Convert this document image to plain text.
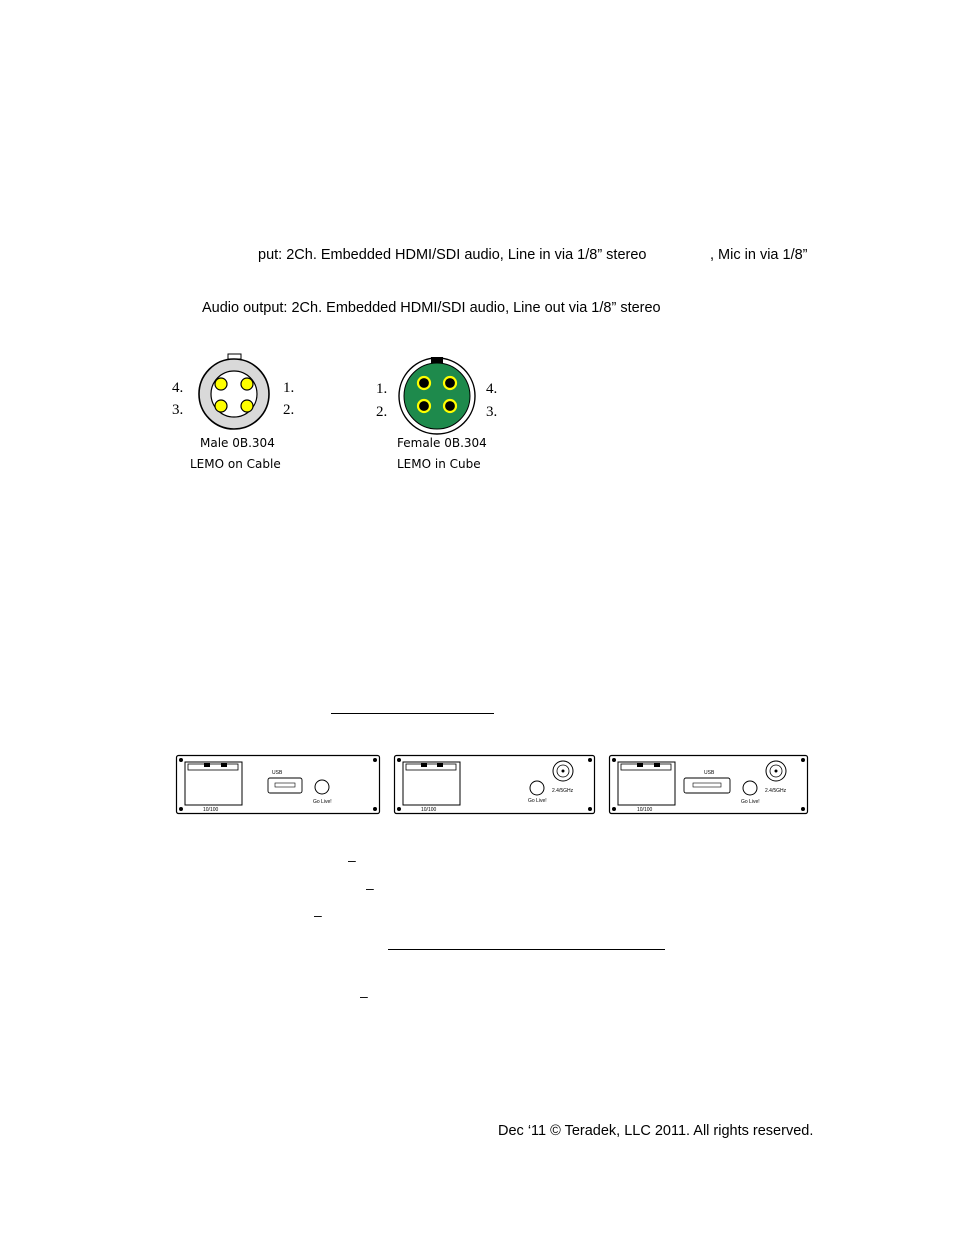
put: 2Ch. Embedded HDMI/SDI audio, Line in via 1/8” stereo	, Mic in via 1/8”
Audio output: 2Ch. Embedded HDMI/SDI audio, Line out via 1/8” stereo
4.
3.
1.
2.
Male 0B.304
LEMO on Cable
1.
2.
4.
3.
Female 0B.304
LEMO in Cube
10/100
USB
Go Live!
10/100
Go Live!
2.4/5GHz
10/100
USB
Go Live!
2.4/5GHz
–
–
–
–
Dec ‘11 © Teradek, LLC 2011. All rights reserved.
